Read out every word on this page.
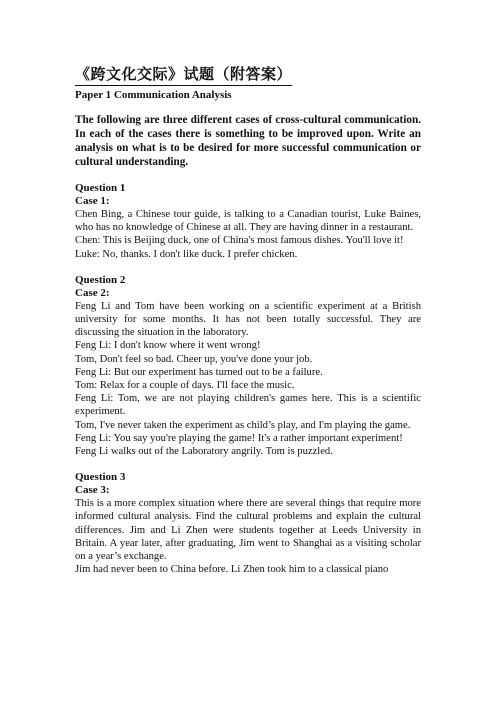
《跨文化交际》试题（附答案）
Paper 1 Communication Analysis
The following are three different cases of cross-cultural communication. In each of the cases there is something to be improved upon. Write an analysis on what is to be desired for more successful communication or cultural understanding.
Question 1
Case 1:

Chen Bing, a Chinese tour guide, is talking to a Canadian tourist, Luke Baines, who has no knowledge of Chinese at all. They are having dinner in a restaurant.

Chen: This is Beijing duck, one of China's most famous dishes. You'll love it!

Luke: No, thanks. I don't like duck. I prefer chicken.

Question 2
Case 2:

Feng Li and Tom have been working on a scientific experiment at a British university for some months. It has not been totally successful. They are discussing the situation in the laboratory.

Feng Li: I don't know where it went wrong!

Tom, Don't feel so bad. Cheer up, you've done your job.

Feng Li: But our experiment has turned out to be a failure.

Tom: Relax for a couple of days. I'll face the music.

Feng Li: Tom, we are not playing children's games here. This is a scientific experiment.

Tom, I've never taken the experiment as child’s play, and I'm playing the game.

Feng Li: You say you're playing the game! It's a rather important experiment!

Feng Li walks out of the Laboratory angrily. Tom is puzzled.

Question 3
Case 3:

This is a more complex situation where there are several things that require more informed cultural analysis. Find the cultural problems and explain the cultural differences. Jim and Li Zhen were students together at Leeds University in Britain. A year later, after graduating, Jim went to Shanghai as a visiting scholar on a year’s exchange.

Jim had never been to China before. Li Zhen took him to a classical piano
